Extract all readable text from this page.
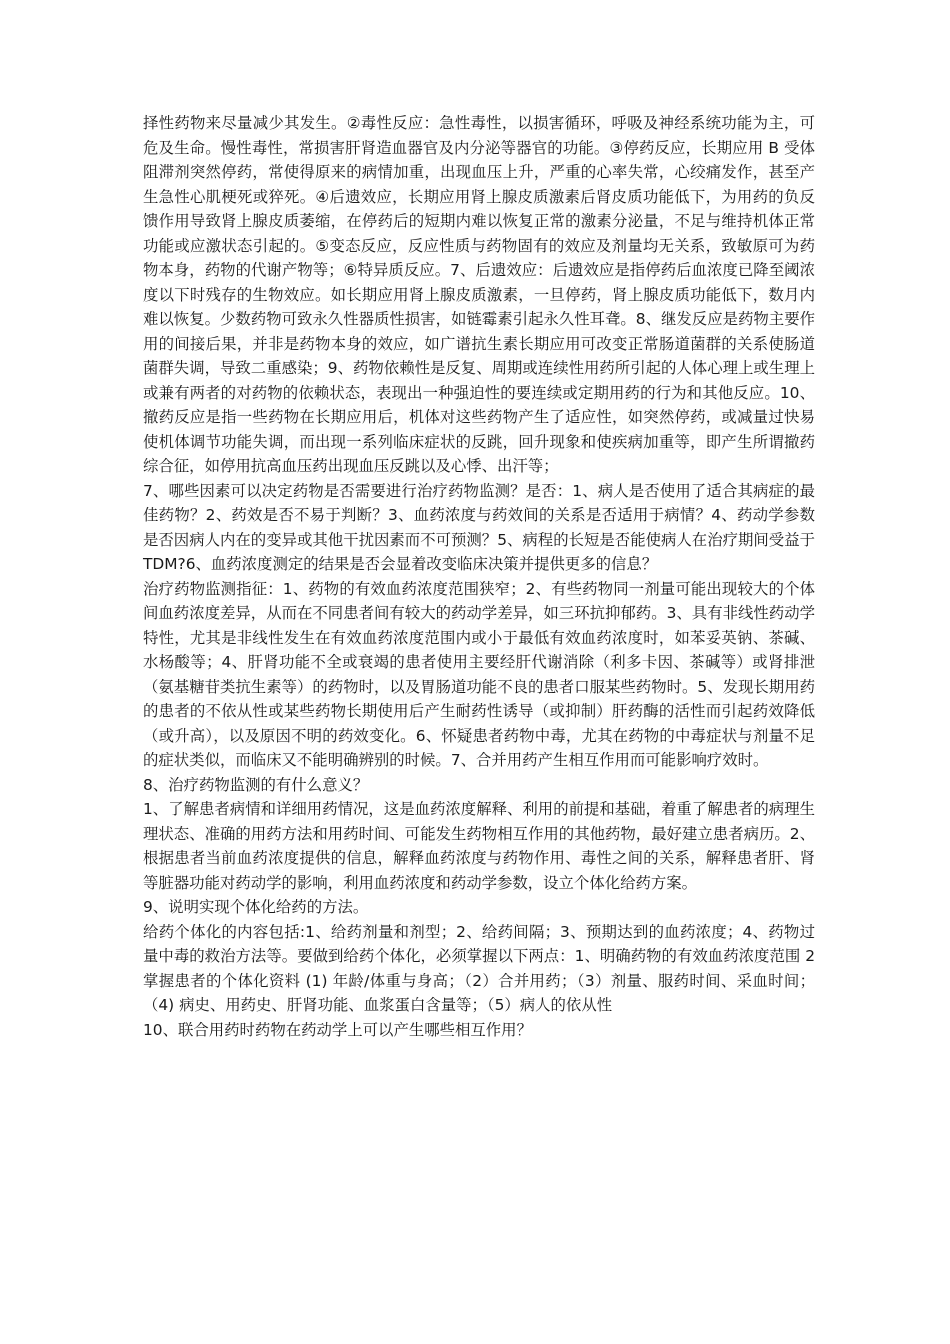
择性药物来尽量减少其发生。②毒性反应：急性毒性，以损害循环，呼吸及神经系统功能为主，可危及生命。慢性毒性，常损害肝肾造血器官及内分泌等器官的功能。③停药反应，长期应用 B 受体阻滞剂突然停药，常使得原来的病情加重，出现血压上升，严重的心率失常，心绞痛发作，甚至产生急性心肌梗死或猝死。④后遗效应，长期应用肾上腺皮质激素后肾皮质功能低下，为用药的负反馈作用导致肾上腺皮质萎缩，在停药后的短期内难以恢复正常的激素分泌量，不足与维持机体正常功能或应激状态引起的。⑤变态反应，反应性质与药物固有的效应及剂量均无关系，致敏原可为药物本身，药物的代谢产物等；⑥特异质反应。7、后遗效应：后遗效应是指停药后血浓度已降至阈浓度以下时残存的生物效应。如长期应用肾上腺皮质激素，一旦停药，肾上腺皮质功能低下，数月内难以恢复。少数药物可致永久性器质性损害，如链霉素引起永久性耳聋。8、继发反应是药物主要作用的间接后果，并非是药物本身的效应，如广谱抗生素长期应用可改变正常肠道菌群的关系使肠道菌群失调，导致二重感染；9、药物依赖性是反复、周期或连续性用药所引起的人体心理上或生理上或兼有两者的对药物的依赖状态，表现出一种强迫性的要连续或定期用药的行为和其他反应。10、撤药反应是指一些药物在长期应用后，机体对这些药物产生了适应性，如突然停药，或减量过快易使机体调节功能失调，而出现一系列临床症状的反跳，回升现象和使疾病加重等，即产生所谓撤药综合征，如停用抗高血压药出现血压反跳以及心悸、出汗等；

7、哪些因素可以决定药物是否需要进行治疗药物监测？是否：1、病人是否使用了适合其病症的最佳药物？2、药效是否不易于判断？3、血药浓度与药效间的关系是否适用于病情？4、药动学参数是否因病人内在的变异或其他干扰因素而不可预测？5、病程的长短是否能使病人在治疗期间受益于 TDM?6、血药浓度测定的结果是否会显着改变临床决策并提供更多的信息？

治疗药物监测指征：1、药物的有效血药浓度范围狭窄；2、有些药物同一剂量可能出现较大的个体间血药浓度差异，从而在不同患者间有较大的药动学差异，如三环抗抑郁药。3、具有非线性药动学特性，尤其是非线性发生在有效血药浓度范围内或小于最低有效血药浓度时，如苯妥英钠、茶碱、水杨酸等；4、肝肾功能不全或衰竭的患者使用主要经肝代谢消除（利多卡因、茶碱等）或肾排泄（氨基糖苷类抗生素等）的药物时，以及胃肠道功能不良的患者口服某些药物时。5、发现长期用药的患者的不依从性或某些药物长期使用后产生耐药性诱导（或抑制）肝药酶的活性而引起药效降低（或升高），以及原因不明的药效变化。6、怀疑患者药物中毒，尤其在药物的中毒症状与剂量不足的症状类似，而临床又不能明确辨别的时候。7、合并用药产生相互作用而可能影响疗效时。

8、治疗药物监测的有什么意义？

1、了解患者病情和详细用药情况，这是血药浓度解释、利用的前提和基础，着重了解患者的病理生理状态、准确的用药方法和用药时间、可能发生药物相互作用的其他药物，最好建立患者病历。2、根据患者当前血药浓度提供的信息，解释血药浓度与药物作用、毒性之间的关系，解释患者肝、肾等脏器功能对药动学的影响，利用血药浓度和药动学参数，设立个体化给药方案。

9、说明实现个体化给药的方法。

给药个体化的内容包括:1、给药剂量和剂型；2、给药间隔；3、预期达到的血药浓度；4、药物过量中毒的救治方法等。要做到给药个体化，必须掌握以下两点：1、明确药物的有效血药浓度范围 2 掌握患者的个体化资料 (1) 年龄/体重与身高；（2）合并用药；（3）剂量、服药时间、采血时间；（4) 病史、用药史、肝肾功能、血浆蛋白含量等；（5）病人的依从性

10、联合用药时药物在药动学上可以产生哪些相互作用？
